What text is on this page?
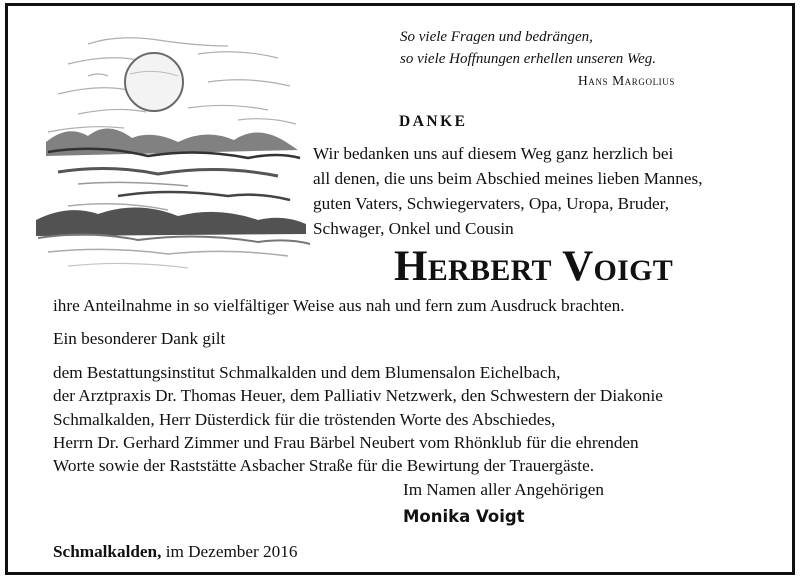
So viele Fragen und bedrängen,
so viele Hoffnungen erhellen unseren Weg.
Hans Margolius
DANKE
Wir bedanken uns auf diesem Weg ganz herzlich bei
all denen, die uns beim Abschied meines lieben Mannes,
guten Vaters, Schwiegervaters, Opa, Uropa, Bruder,
Schwager, Onkel und Cousin
Herbert Voigt

ihre Anteilnahme in so vielfältiger Weise aus nah und fern zum Ausdruck brachten.

Ein besonderer Dank gilt

dem Bestattungsinstitut Schmalkalden und dem Blumensalon Eichelbach,

der Arztpraxis Dr. Thomas Heuer, dem Palliativ Netzwerk, den Schwestern der Diakonie

Schmalkalden, Herr Düsterdick für die tröstenden Worte des Abschiedes,

Herrn Dr. Gerhard Zimmer und Frau Bärbel Neubert vom Rhönklub für die ehrenden

Worte sowie der Raststätte Asbacher Straße für die Bewirtung der Trauergäste.

Im Namen aller Angehörigen
Monika Voigt
Schmalkalden, im Dezember 2016
